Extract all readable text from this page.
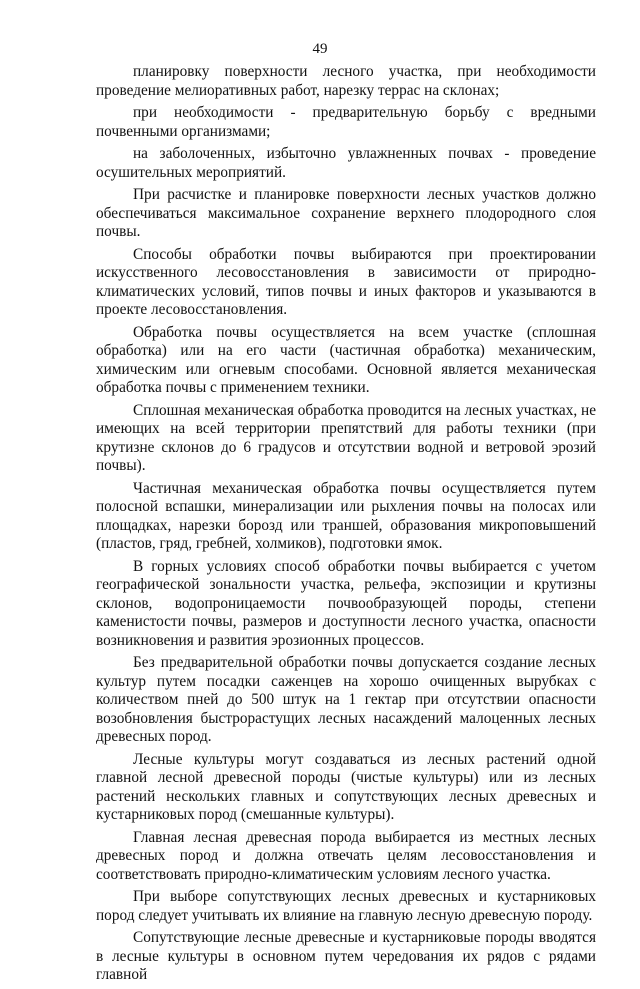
49

планировку поверхности лесного участка, при необходимости проведение мелиоративных работ, нарезку террас на склонах;

при необходимости - предварительную борьбу с вредными почвенными организмами;

на заболоченных, избыточно увлажненных почвах - проведение осушительных мероприятий.

При расчистке и планировке поверхности лесных участков должно обеспечиваться максимальное сохранение верхнего плодородного слоя почвы.

Способы обработки почвы выбираются при проектировании искусственного лесовосстановления в зависимости от природно-климатических условий, типов почвы и иных факторов и указываются в проекте лесовосстановления.

Обработка почвы осуществляется на всем участке (сплошная обработка) или на его части (частичная обработка) механическим, химическим или огневым способами. Основной является механическая обработка почвы с применением техники.

Сплошная механическая обработка проводится на лесных участках, не имеющих на всей территории препятствий для работы техники (при крутизне склонов до 6 градусов и отсутствии водной и ветровой эрозий почвы).

Частичная механическая обработка почвы осуществляется путем полосной вспашки, минерализации или рыхления почвы на полосах или площадках, нарезки борозд или траншей, образования микроповышений (пластов, гряд, гребней, холмиков), подготовки ямок.

В горных условиях способ обработки почвы выбирается с учетом географической зональности участка, рельефа, экспозиции и крутизны склонов, водопроницаемости почвообразующей породы, степени каменистости почвы, размеров и доступности лесного участка, опасности возникновения и развития эрозионных процессов.

Без предварительной обработки почвы допускается создание лесных культур путем посадки саженцев на хорошо очищенных вырубках с количеством пней до 500 штук на 1 гектар при отсутствии опасности возобновления быстрорастущих лесных насаждений малоценных лесных древесных пород.

Лесные культуры могут создаваться из лесных растений одной главной лесной древесной породы (чистые культуры) или из лесных растений нескольких главных и сопутствующих лесных древесных и кустарниковых пород (смешанные культуры).

Главная лесная древесная порода выбирается из местных лесных древесных пород и должна отвечать целям лесовосстановления и соответствовать природно-климатическим условиям лесного участка.

При выборе сопутствующих лесных древесных и кустарниковых пород следует учитывать их влияние на главную лесную древесную породу.

Сопутствующие лесные древесные и кустарниковые породы вводятся в лесные культуры в основном путем чередования их рядов с рядами главной
